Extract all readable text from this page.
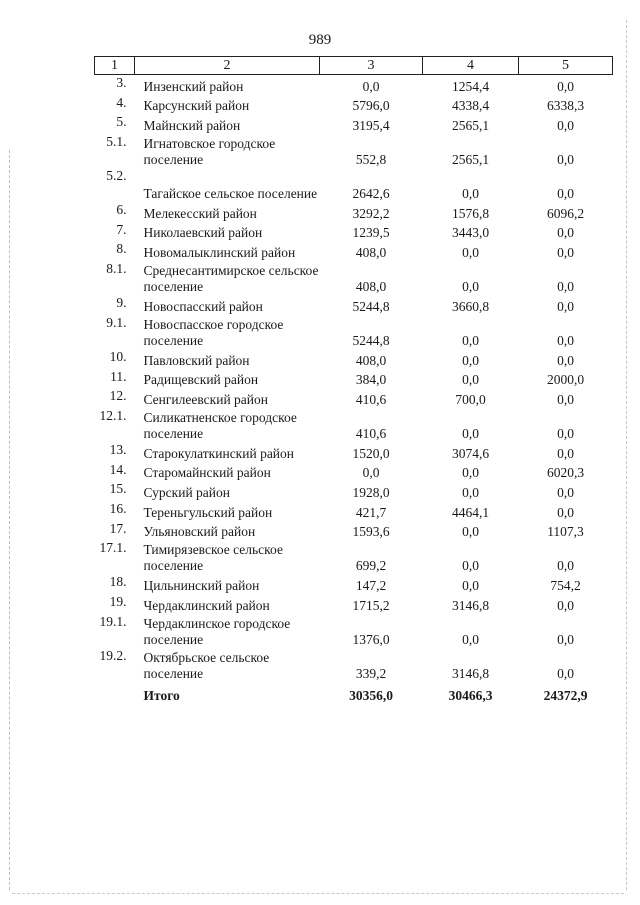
989
1	2	3	4	5
3.	Инзенский район	0,0	1254,4	0,0
4.	Карсунский район	5796,0	4338,4	6338,3
5.	Майнский район	3195,4	2565,1	0,0
5.1.	Игнатовское городское поселение	552,8	2565,1	0,0
5.2.	Тагайское сельское поселение	2642,6	0,0	0,0
6.	Мелекесский район	3292,2	1576,8	6096,2
7.	Николаевский район	1239,5	3443,0	0,0
8.	Новомалыклинский район	408,0	0,0	0,0
8.1.	Среднесантимирское сельское поселение	408,0	0,0	0,0
9.	Новоспасский район	5244,8	3660,8	0,0
9.1.	Новоспасское городское поселение	5244,8	0,0	0,0
10.	Павловский район	408,0	0,0	0,0
11.	Радищевский район	384,0	0,0	2000,0
12.	Сенгилеевский район	410,6	700,0	0,0
12.1.	Силикатненское городское поселение	410,6	0,0	0,0
13.	Старокулаткинский район	1520,0	3074,6	0,0
14.	Старомайнский район	0,0	0,0	6020,3
15.	Сурский район	1928,0	0,0	0,0
16.	Тереньгульский район	421,7	4464,1	0,0
17.	Ульяновский район	1593,6	0,0	1107,3
17.1.	Тимирязевское сельское поселение	699,2	0,0	0,0
18.	Цильнинский район	147,2	0,0	754,2
19.	Чердаклинский район	1715,2	3146,8	0,0
19.1.	Чердаклинское городское поселение	1376,0	0,0	0,0
19.2.	Октябрьское сельское поселение	339,2	3146,8	0,0
	Итого	30356,0	30466,3	24372,9
